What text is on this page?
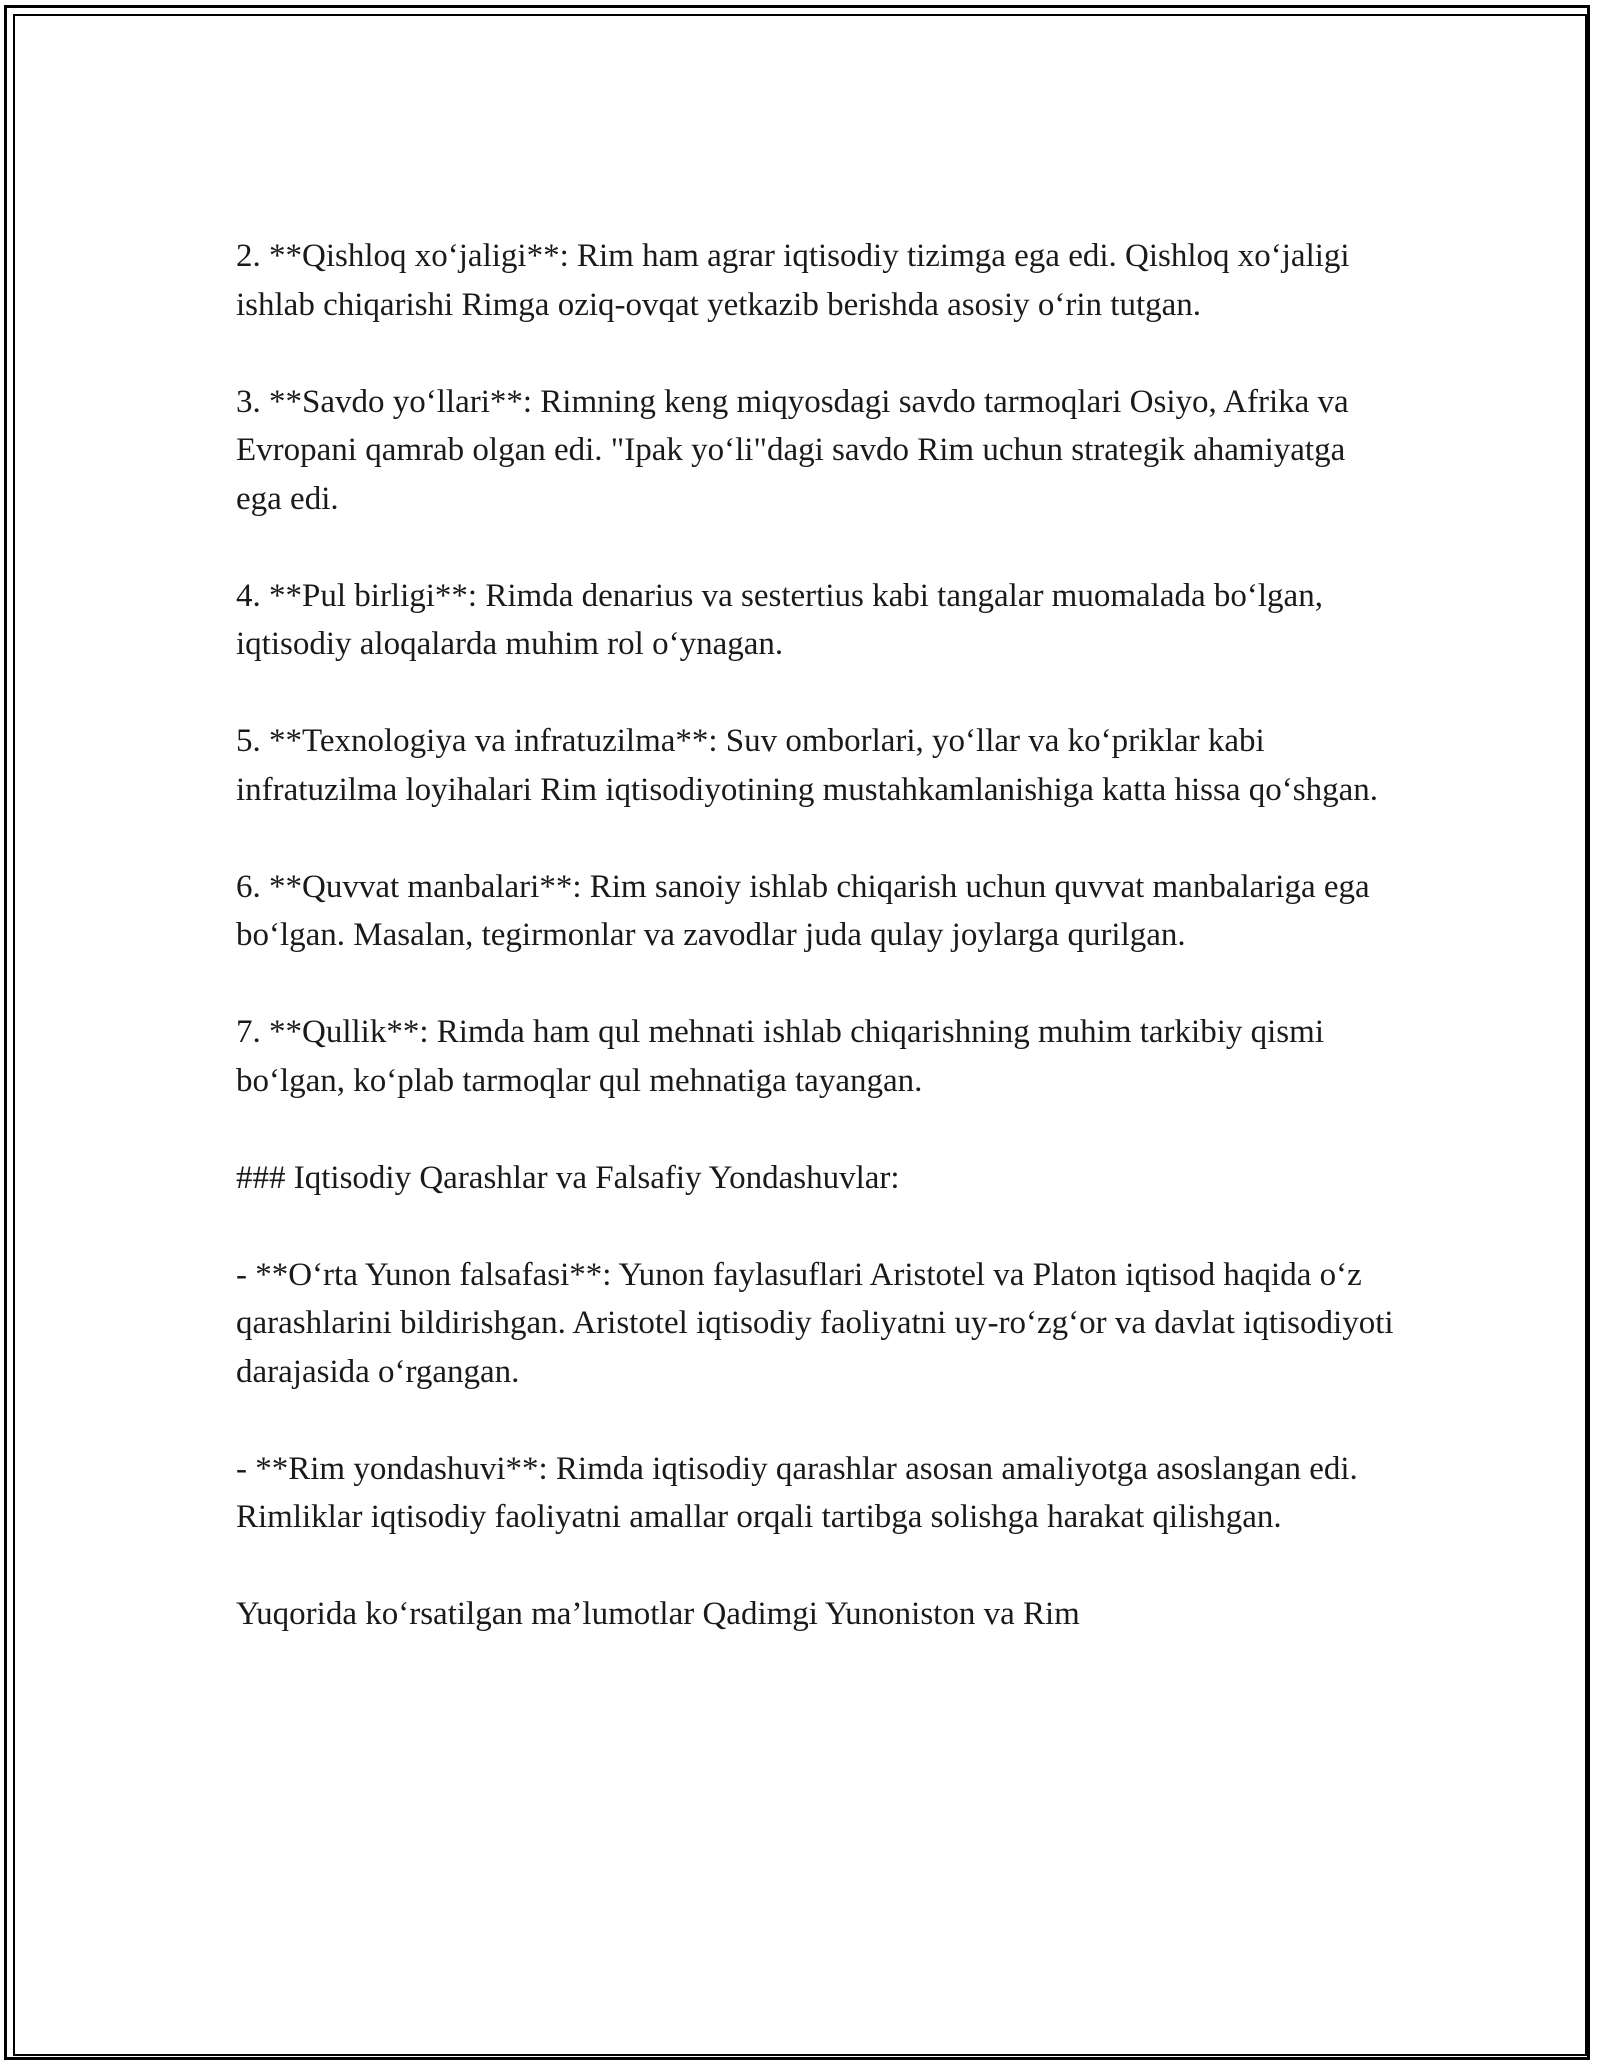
2. **Qishloq xo‘jaligi**: Rim ham agrar iqtisodiy tizimga ega edi. Qishloq xo‘jaligi ishlab chiqarishi Rimga oziq-ovqat yetkazib berishda asosiy o‘rin tutgan.

3. **Savdo yo‘llari**: Rimning keng miqyosdagi savdo tarmoqlari Osiyo, Afrika va Evropani qamrab olgan edi. "Ipak yo‘li"dagi savdo Rim uchun strategik ahamiyatga ega edi.

4. **Pul birligi**: Rimda denarius va sestertius kabi tangalar muomalada bo‘lgan, iqtisodiy aloqalarda muhim rol o‘ynagan.

5. **Texnologiya va infratuzilma**: Suv omborlari, yo‘llar va ko‘priklar kabi infratuzilma loyihalari Rim iqtisodiyotining mustahkamlanishiga katta hissa qo‘shgan.

6. **Quvvat manbalari**: Rim sanoiy ishlab chiqarish uchun quvvat manbalariga ega bo‘lgan. Masalan, tegirmonlar va zavodlar juda qulay joylarga qurilgan.

7. **Qullik**: Rimda ham qul mehnati ishlab chiqarishning muhim tarkibiy qismi bo‘lgan, ko‘plab tarmoqlar qul mehnatiga tayangan.

### Iqtisodiy Qarashlar va Falsafiy Yondashuvlar:

- **O‘rta Yunon falsafasi**: Yunon faylasuflari Aristotel va Platon iqtisod haqida o‘z qarashlarini bildirishgan. Aristotel iqtisodiy faoliyatni uy-ro‘zg‘or va davlat iqtisodiyoti darajasida o‘rgangan.

- **Rim yondashuvi**: Rimda iqtisodiy qarashlar asosan amaliyotga asoslangan edi. Rimliklar iqtisodiy faoliyatni amallar orqali tartibga solishga harakat qilishgan.

Yuqorida ko‘rsatilgan ma’lumotlar Qadimgi Yunoniston va Rim
